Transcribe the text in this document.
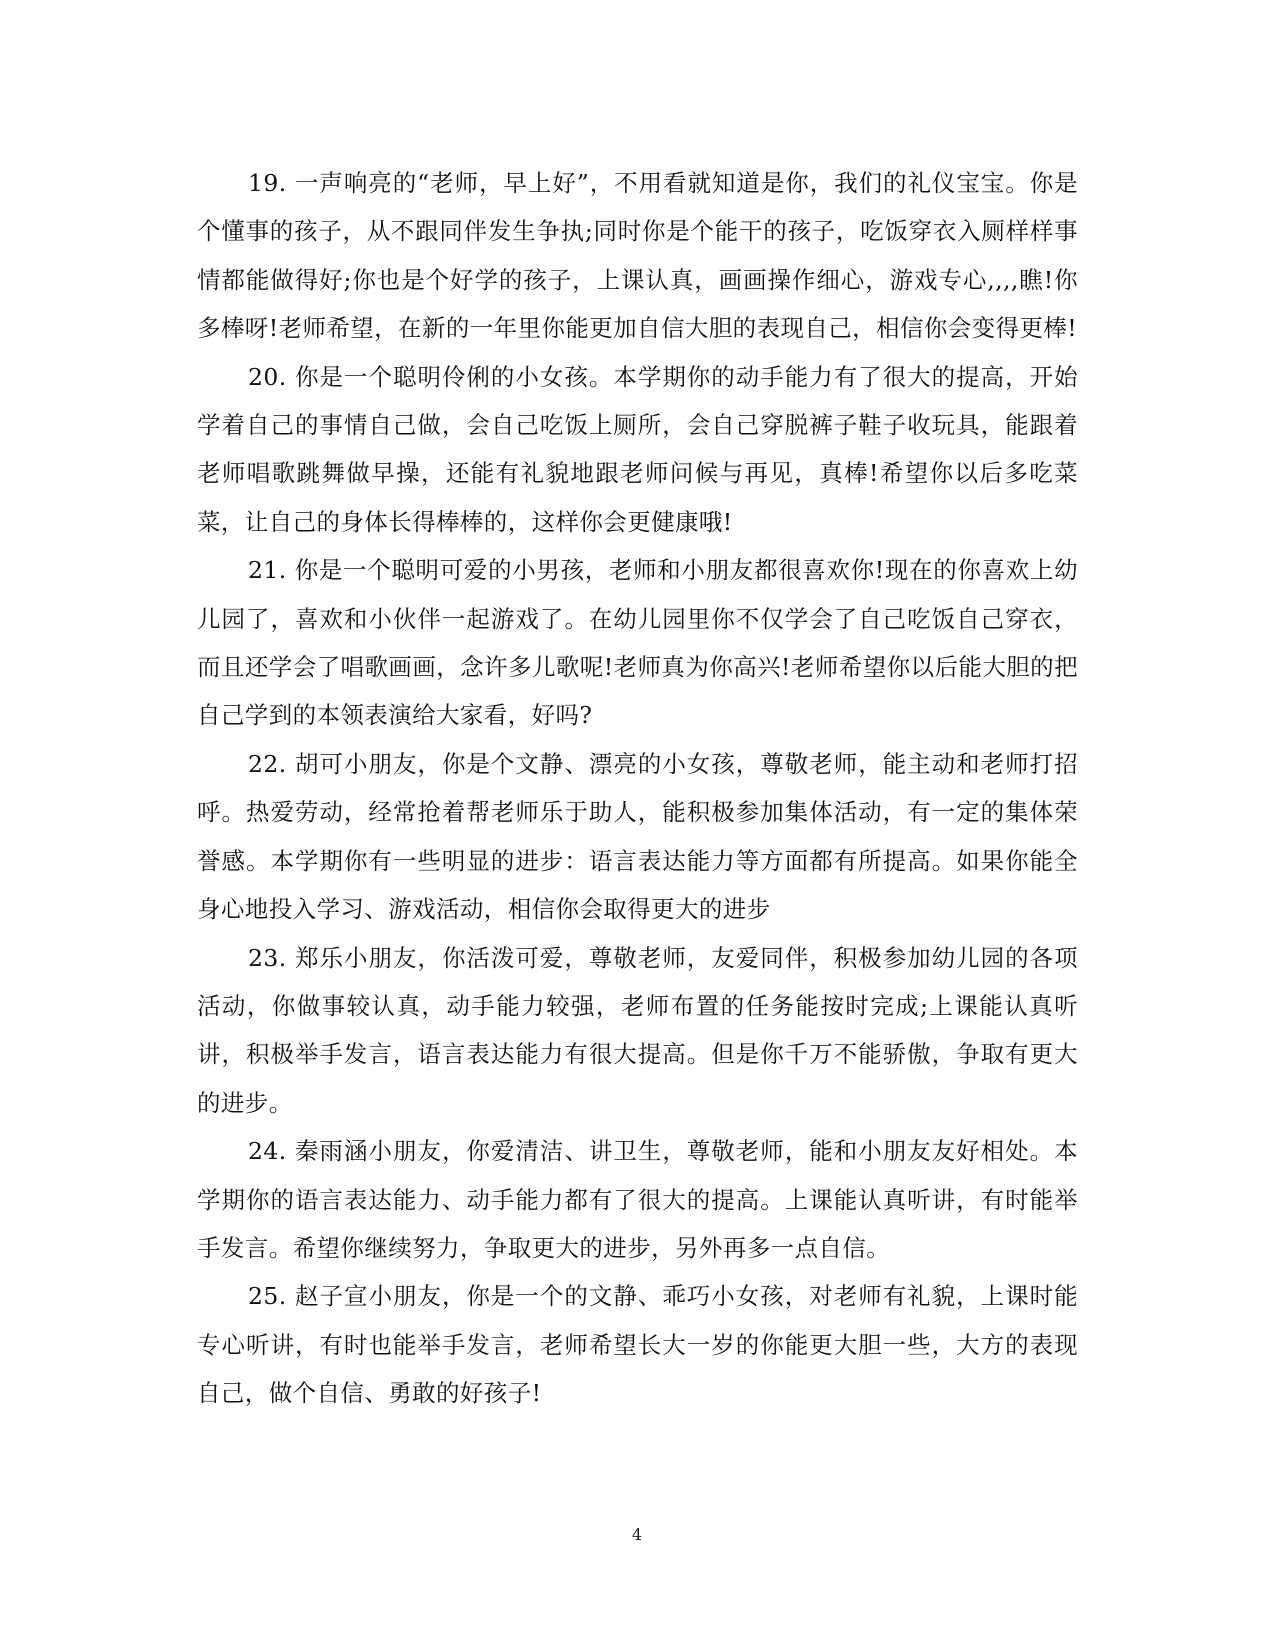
19. 一声响亮的“老师，早上好”，不用看就知道是你，我们的礼仪宝宝。你是个懂事的孩子，从不跟同伴发生争执;同时你是个能干的孩子，吃饭穿衣入厕样样事情都能做得好;你也是个好学的孩子，上课认真，画画操作细心，游戏专心,,,,瞧!你多棒呀!老师希望，在新的一年里你能更加自信大胆的表现自己，相信你会变得更棒!

20. 你是一个聪明伶俐的小女孩。本学期你的动手能力有了很大的提高，开始学着自己的事情自己做，会自己吃饭上厕所，会自己穿脱裤子鞋子收玩具，能跟着老师唱歌跳舞做早操，还能有礼貌地跟老师问候与再见，真棒!希望你以后多吃菜菜，让自己的身体长得棒棒的，这样你会更健康哦!

21. 你是一个聪明可爱的小男孩，老师和小朋友都很喜欢你!现在的你喜欢上幼儿园了，喜欢和小伙伴一起游戏了。在幼儿园里你不仅学会了自己吃饭自己穿衣，而且还学会了唱歌画画，念许多儿歌呢!老师真为你高兴!老师希望你以后能大胆的把自己学到的本领表演给大家看，好吗?

22. 胡可小朋友，你是个文静、漂亮的小女孩，尊敬老师，能主动和老师打招呼。热爱劳动，经常抢着帮老师乐于助人，能积极参加集体活动，有一定的集体荣誉感。本学期你有一些明显的进步：语言表达能力等方面都有所提高。如果你能全身心地投入学习、游戏活动，相信你会取得更大的进步

23. 郑乐小朋友，你活泼可爱，尊敬老师，友爱同伴，积极参加幼儿园的各项活动，你做事较认真，动手能力较强，老师布置的任务能按时完成;上课能认真听讲，积极举手发言，语言表达能力有很大提高。但是你千万不能骄傲，争取有更大的进步。

24. 秦雨涵小朋友，你爱清洁、讲卫生，尊敬老师，能和小朋友友好相处。本学期你的语言表达能力、动手能力都有了很大的提高。上课能认真听讲，有时能举手发言。希望你继续努力，争取更大的进步，另外再多一点自信。

25. 赵子宣小朋友，你是一个的文静、乖巧小女孩，对老师有礼貌，上课时能专心听讲，有时也能举手发言，老师希望长大一岁的你能更大胆一些，大方的表现自己，做个自信、勇敢的好孩子!

4
